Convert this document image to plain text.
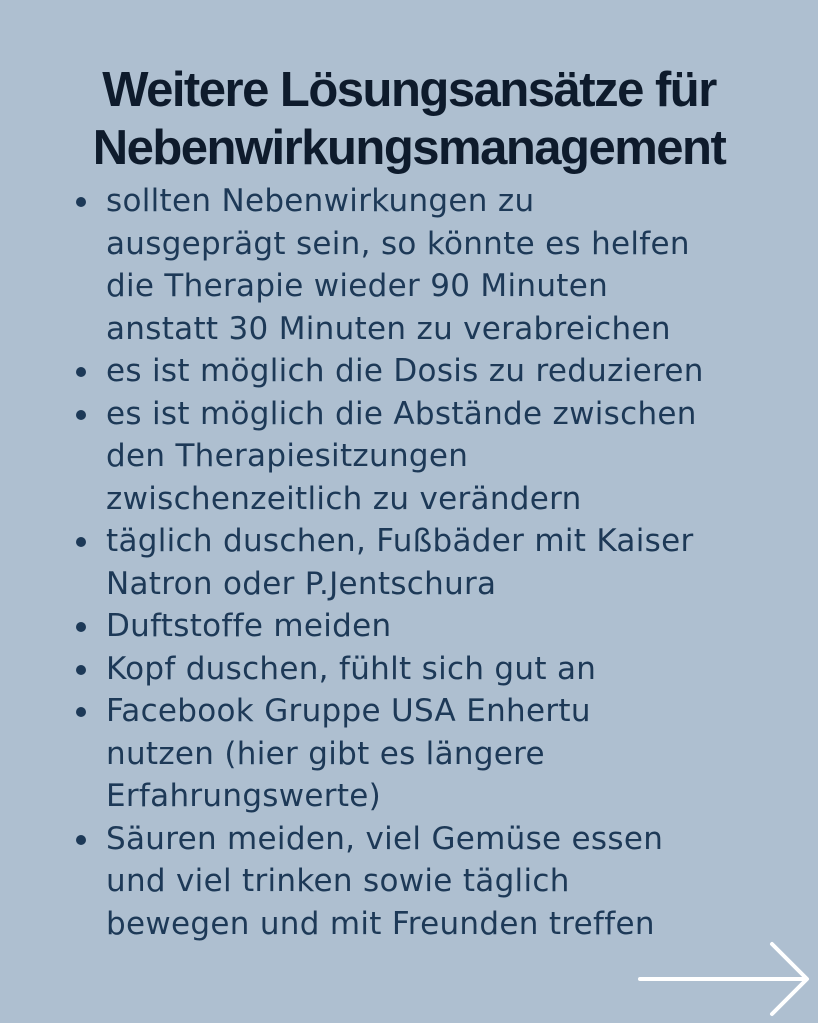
Weitere Lösungsansätze für
Nebenwirkungsmanagement
sollten Nebenwirkungen zu
ausgeprägt sein, so könnte es helfen
die Therapie wieder 90 Minuten
anstatt 30 Minuten zu verabreichen
es ist möglich die Dosis zu reduzieren
es ist möglich die Abstände zwischen
den Therapiesitzungen
zwischenzeitlich zu verändern
täglich duschen, Fußbäder mit Kaiser
Natron oder P.Jentschura
Duftstoffe meiden
Kopf duschen, fühlt sich gut an
Facebook Gruppe USA Enhertu
nutzen (hier gibt es längere
Erfahrungswerte)
Säuren meiden, viel Gemüse essen
und viel trinken sowie täglich
bewegen und mit Freunden treffen
